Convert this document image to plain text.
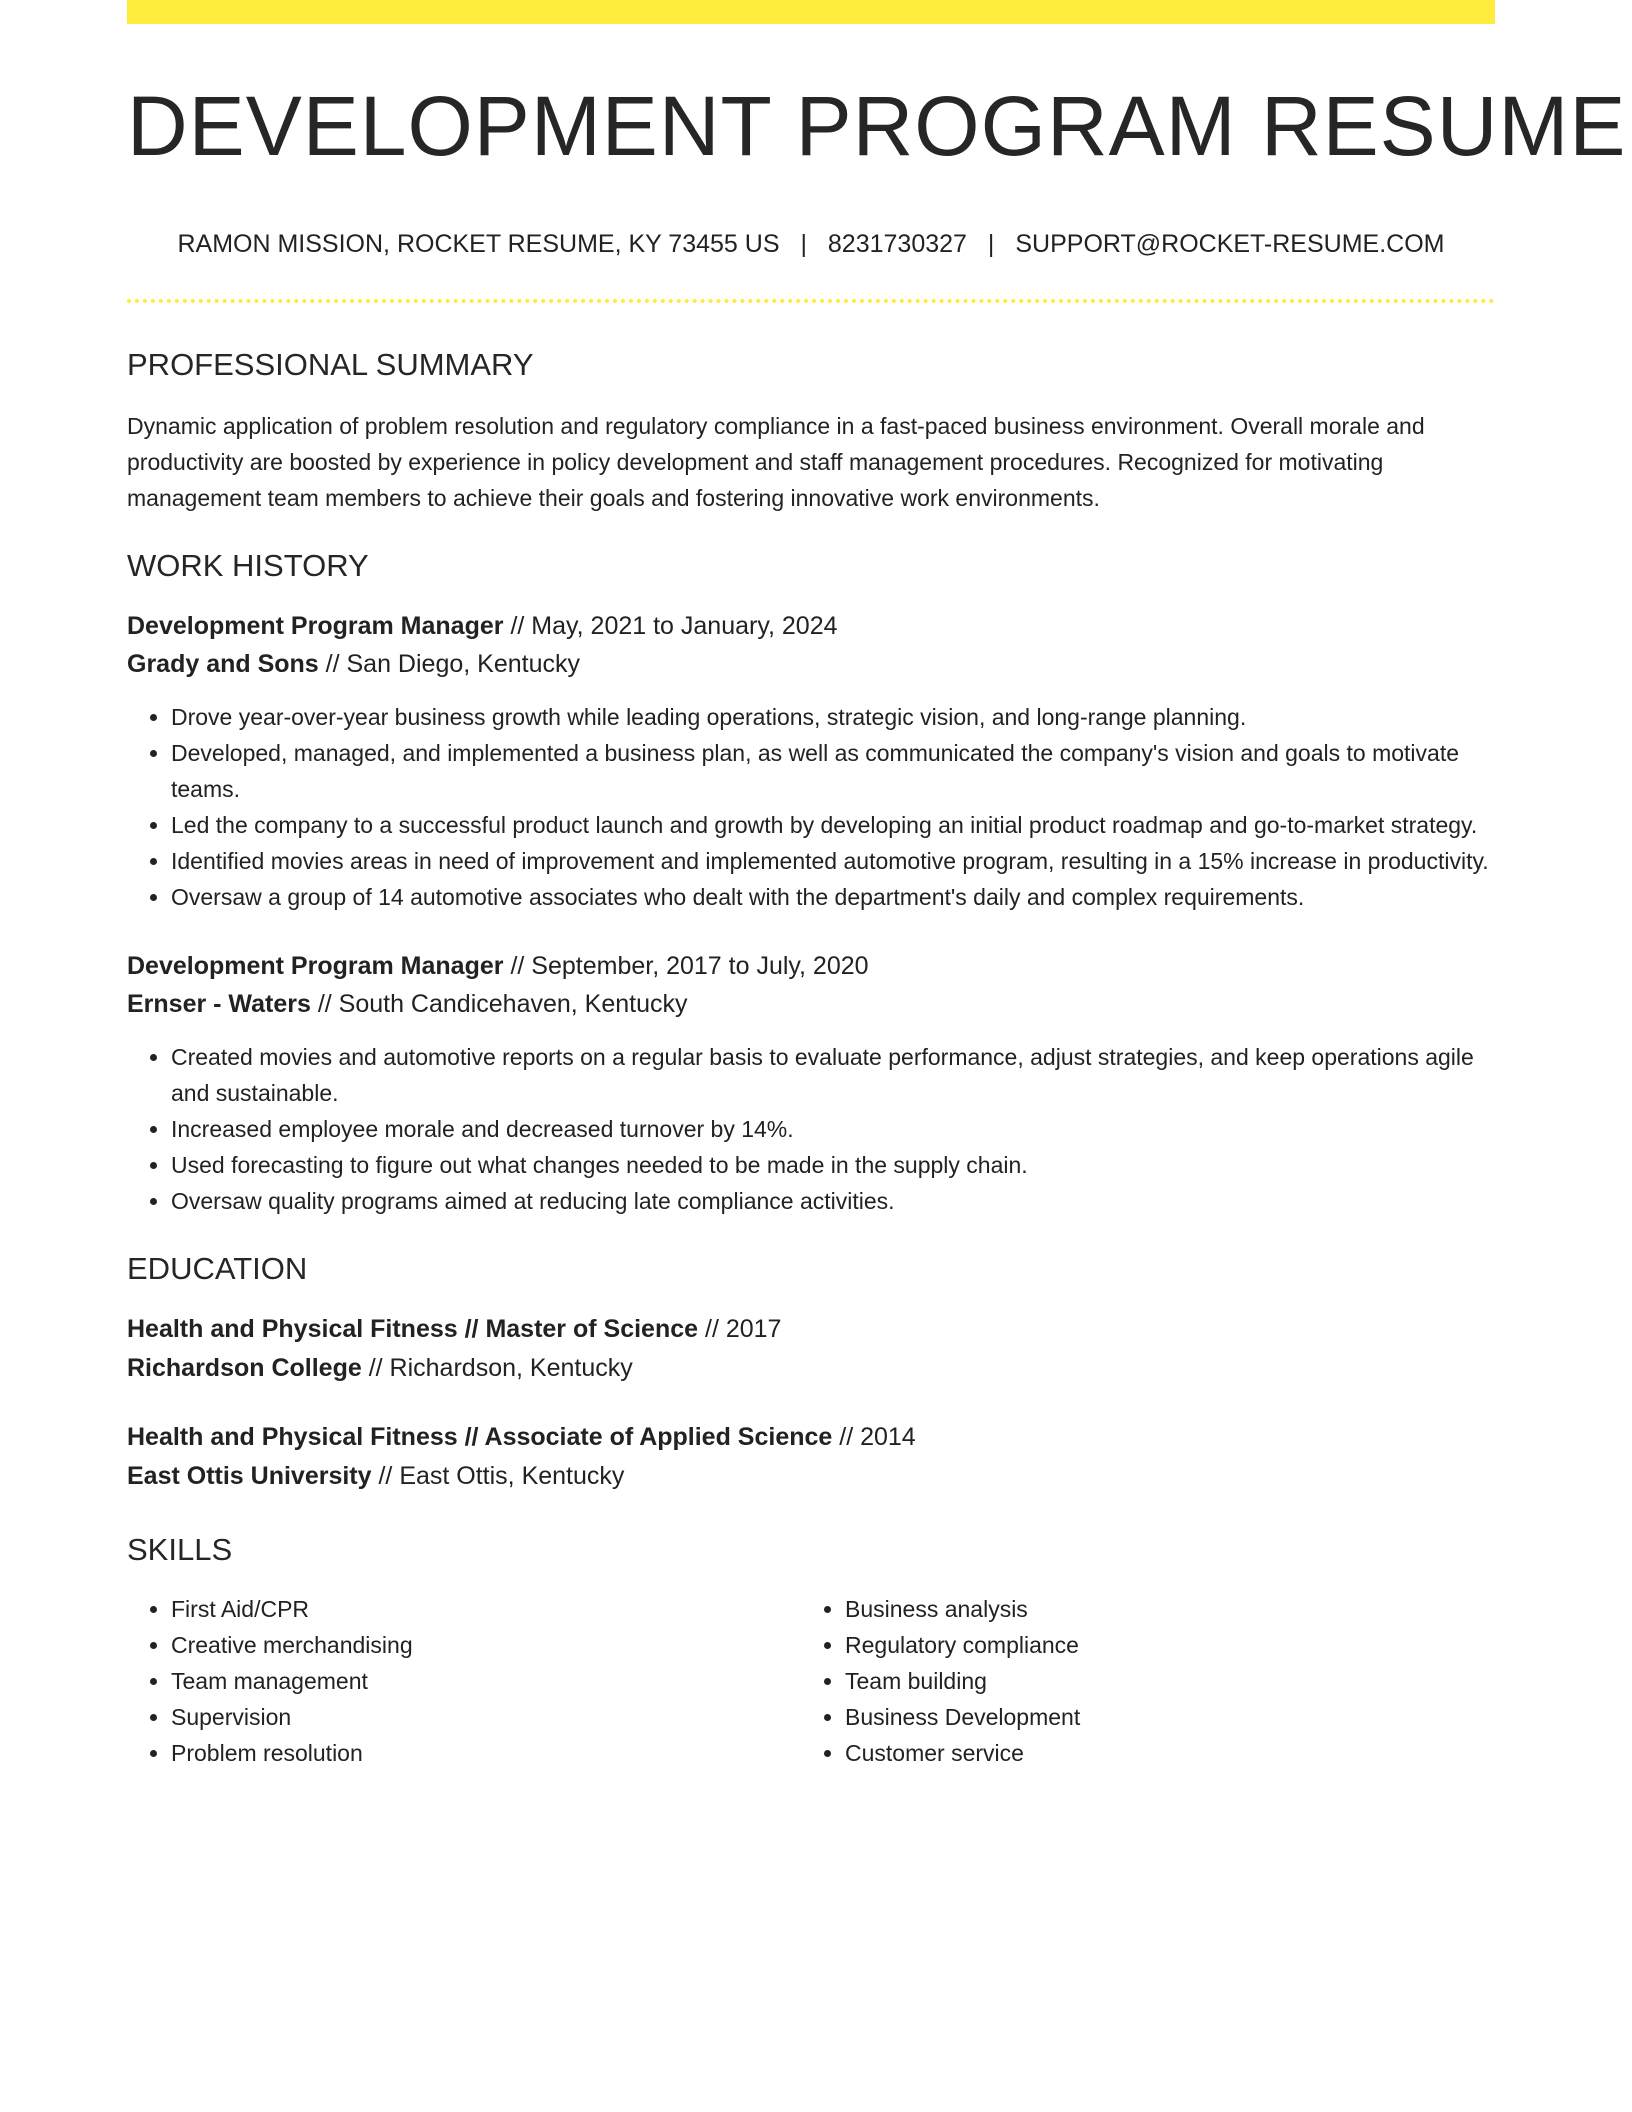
DEVELOPMENT PROGRAM RESUME
RAMON MISSION, ROCKET RESUME, KY 73455 US | 8231730327 | SUPPORT@ROCKET-RESUME.COM
PROFESSIONAL SUMMARY

Dynamic application of problem resolution and regulatory compliance in a fast-paced business environment. Overall morale and productivity are boosted by experience in policy development and staff management procedures. Recognized for motivating management team members to achieve their goals and fostering innovative work environments.

WORK HISTORY
Development Program Manager // May, 2021 to January, 2024
Grady and Sons // San Diego, Kentucky
• Drove year-over-year business growth while leading operations, strategic vision, and long-range planning.
• Developed, managed, and implemented a business plan, as well as communicated the company's vision and goals to motivate teams.
• Led the company to a successful product launch and growth by developing an initial product roadmap and go-to-market strategy.
• Identified movies areas in need of improvement and implemented automotive program, resulting in a 15% increase in productivity.
• Oversaw a group of 14 automotive associates who dealt with the department's daily and complex requirements.
Development Program Manager // September, 2017 to July, 2020
Ernser - Waters // South Candicehaven, Kentucky
• Created movies and automotive reports on a regular basis to evaluate performance, adjust strategies, and keep operations agile and sustainable.
• Increased employee morale and decreased turnover by 14%.
• Used forecasting to figure out what changes needed to be made in the supply chain.
• Oversaw quality programs aimed at reducing late compliance activities.
EDUCATION
Health and Physical Fitness // Master of Science // 2017
Richardson College // Richardson, Kentucky
Health and Physical Fitness // Associate of Applied Science // 2014
East Ottis University // East Ottis, Kentucky
SKILLS
• First Aid/CPR
• Creative merchandising
• Team management
• Supervision
• Problem resolution
• Business analysis
• Regulatory compliance
• Team building
• Business Development
• Customer service
